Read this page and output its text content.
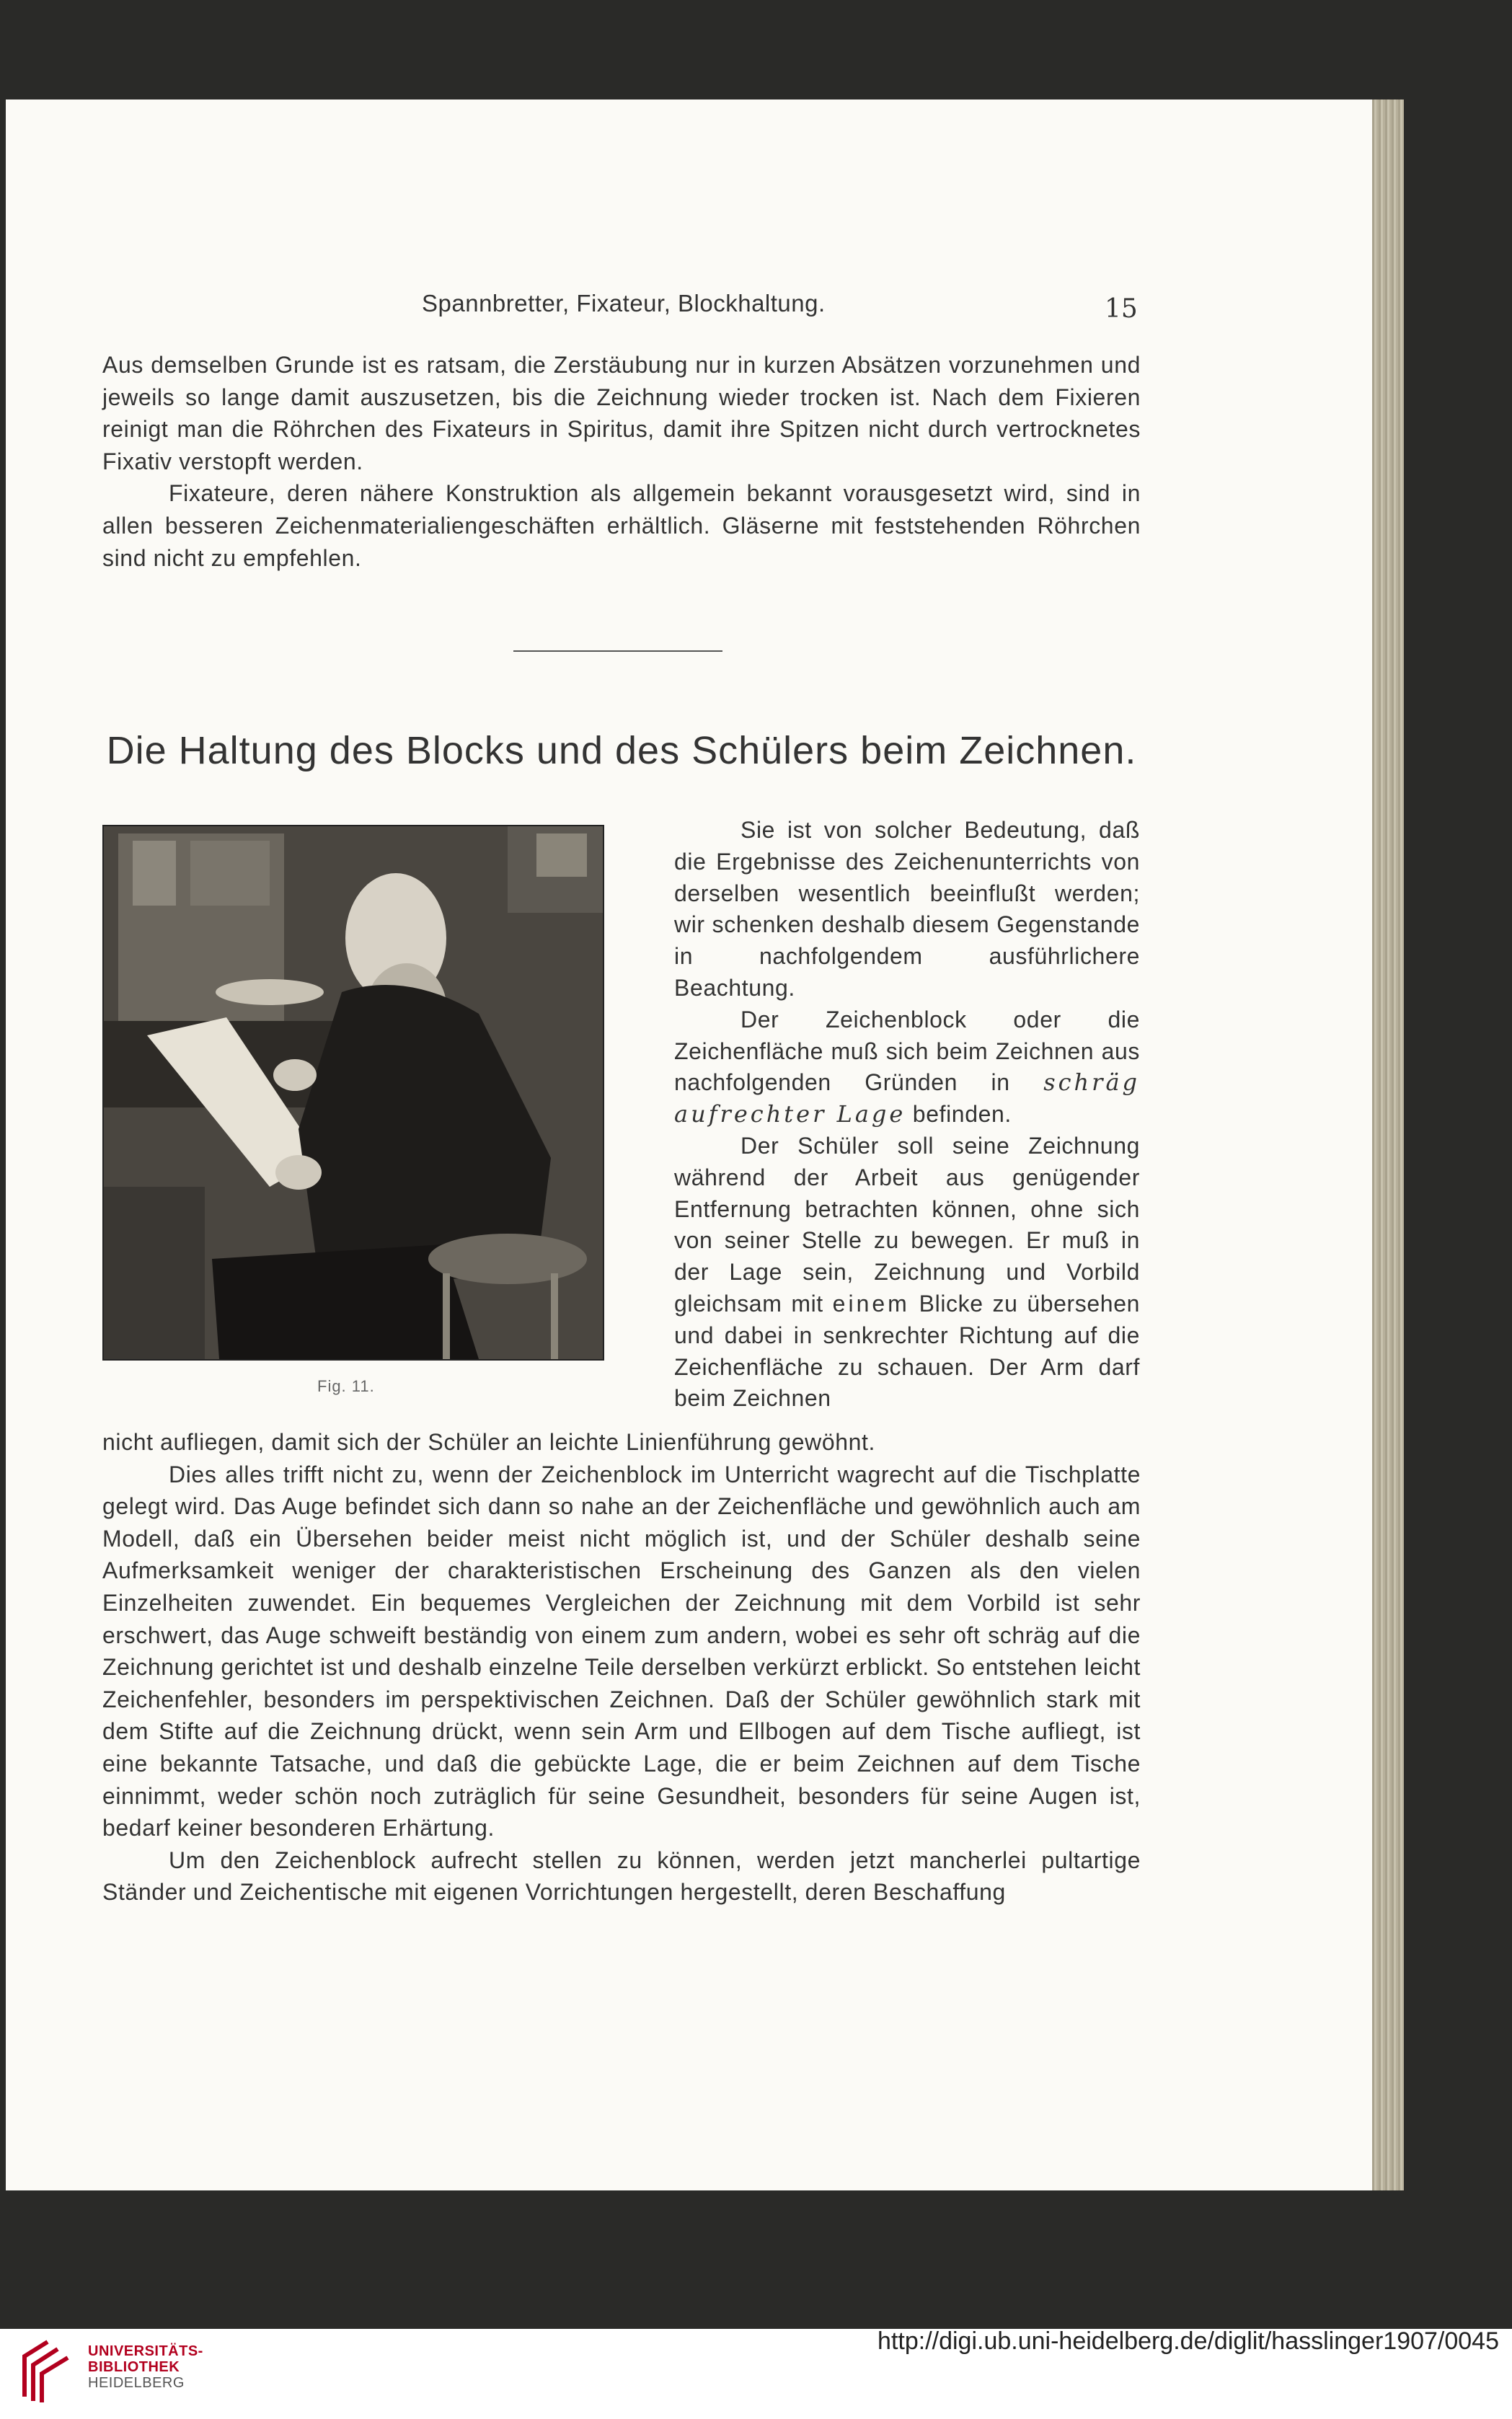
Spannbretter, Fixateur, Blockhaltung.	15

Aus demselben Grunde ist es ratsam, die Zerstäubung nur in kurzen Absätzen vorzunehmen und jeweils so lange damit auszusetzen, bis die Zeichnung wieder trocken ist. Nach dem Fixieren reinigt man die Röhrchen des Fixateurs in Spiritus, damit ihre Spitzen nicht durch vertrocknetes Fixativ verstopft werden.

Fixateure, deren nähere Konstruktion als allgemein bekannt vorausgesetzt wird, sind in allen besseren Zeichenmaterialiengeschäften erhältlich. Gläserne mit feststehenden Röhrchen sind nicht zu empfehlen.

Die Haltung des Blocks und des Schülers beim Zeichnen.
Fig. 11.

Sie ist von solcher Bedeutung, daß die Ergebnisse des Zeichenunterrichts von derselben wesentlich beeinflußt werden; wir schenken deshalb diesem Gegenstande in nachfolgendem ausführlichere Beachtung.

Der Zeichenblock oder die Zeichenfläche muß sich beim Zeichnen aus nachfolgenden Gründen in schräg aufrechter Lage befinden.

Der Schüler soll seine Zeichnung während der Arbeit aus genügender Entfernung betrachten können, ohne sich von seiner Stelle zu bewegen. Er muß in der Lage sein, Zeichnung und Vorbild gleichsam mit einem Blicke zu übersehen und dabei in senkrechter Richtung auf die Zeichenfläche zu schauen. Der Arm darf beim Zeichnen

nicht aufliegen, damit sich der Schüler an leichte Linienführung gewöhnt.

Dies alles trifft nicht zu, wenn der Zeichenblock im Unterricht wagrecht auf die Tischplatte gelegt wird. Das Auge befindet sich dann so nahe an der Zeichenfläche und gewöhnlich auch am Modell, daß ein Übersehen beider meist nicht möglich ist, und der Schüler deshalb seine Aufmerksamkeit weniger der charakteristischen Erscheinung des Ganzen als den vielen Einzelheiten zuwendet. Ein bequemes Vergleichen der Zeichnung mit dem Vorbild ist sehr erschwert, das Auge schweift beständig von einem zum andern, wobei es sehr oft schräg auf die Zeichnung gerichtet ist und deshalb einzelne Teile derselben verkürzt erblickt. So entstehen leicht Zeichenfehler, besonders im perspektivischen Zeichnen. Daß der Schüler gewöhnlich stark mit dem Stifte auf die Zeichnung drückt, wenn sein Arm und Ellbogen auf dem Tische aufliegt, ist eine bekannte Tatsache, und daß die gebückte Lage, die er beim Zeichnen auf dem Tische einnimmt, weder schön noch zuträglich für seine Gesundheit, besonders für seine Augen ist, bedarf keiner besonderen Erhärtung.

Um den Zeichenblock aufrecht stellen zu können, werden jetzt mancherlei pultartige Ständer und Zeichentische mit eigenen Vorrichtungen hergestellt, deren Beschaffung

UNIVERSITÄTS-
BIBLIOTHEK
HEIDELBERG
http://digi.ub.uni-heidelberg.de/diglit/hasslinger1907/0045
